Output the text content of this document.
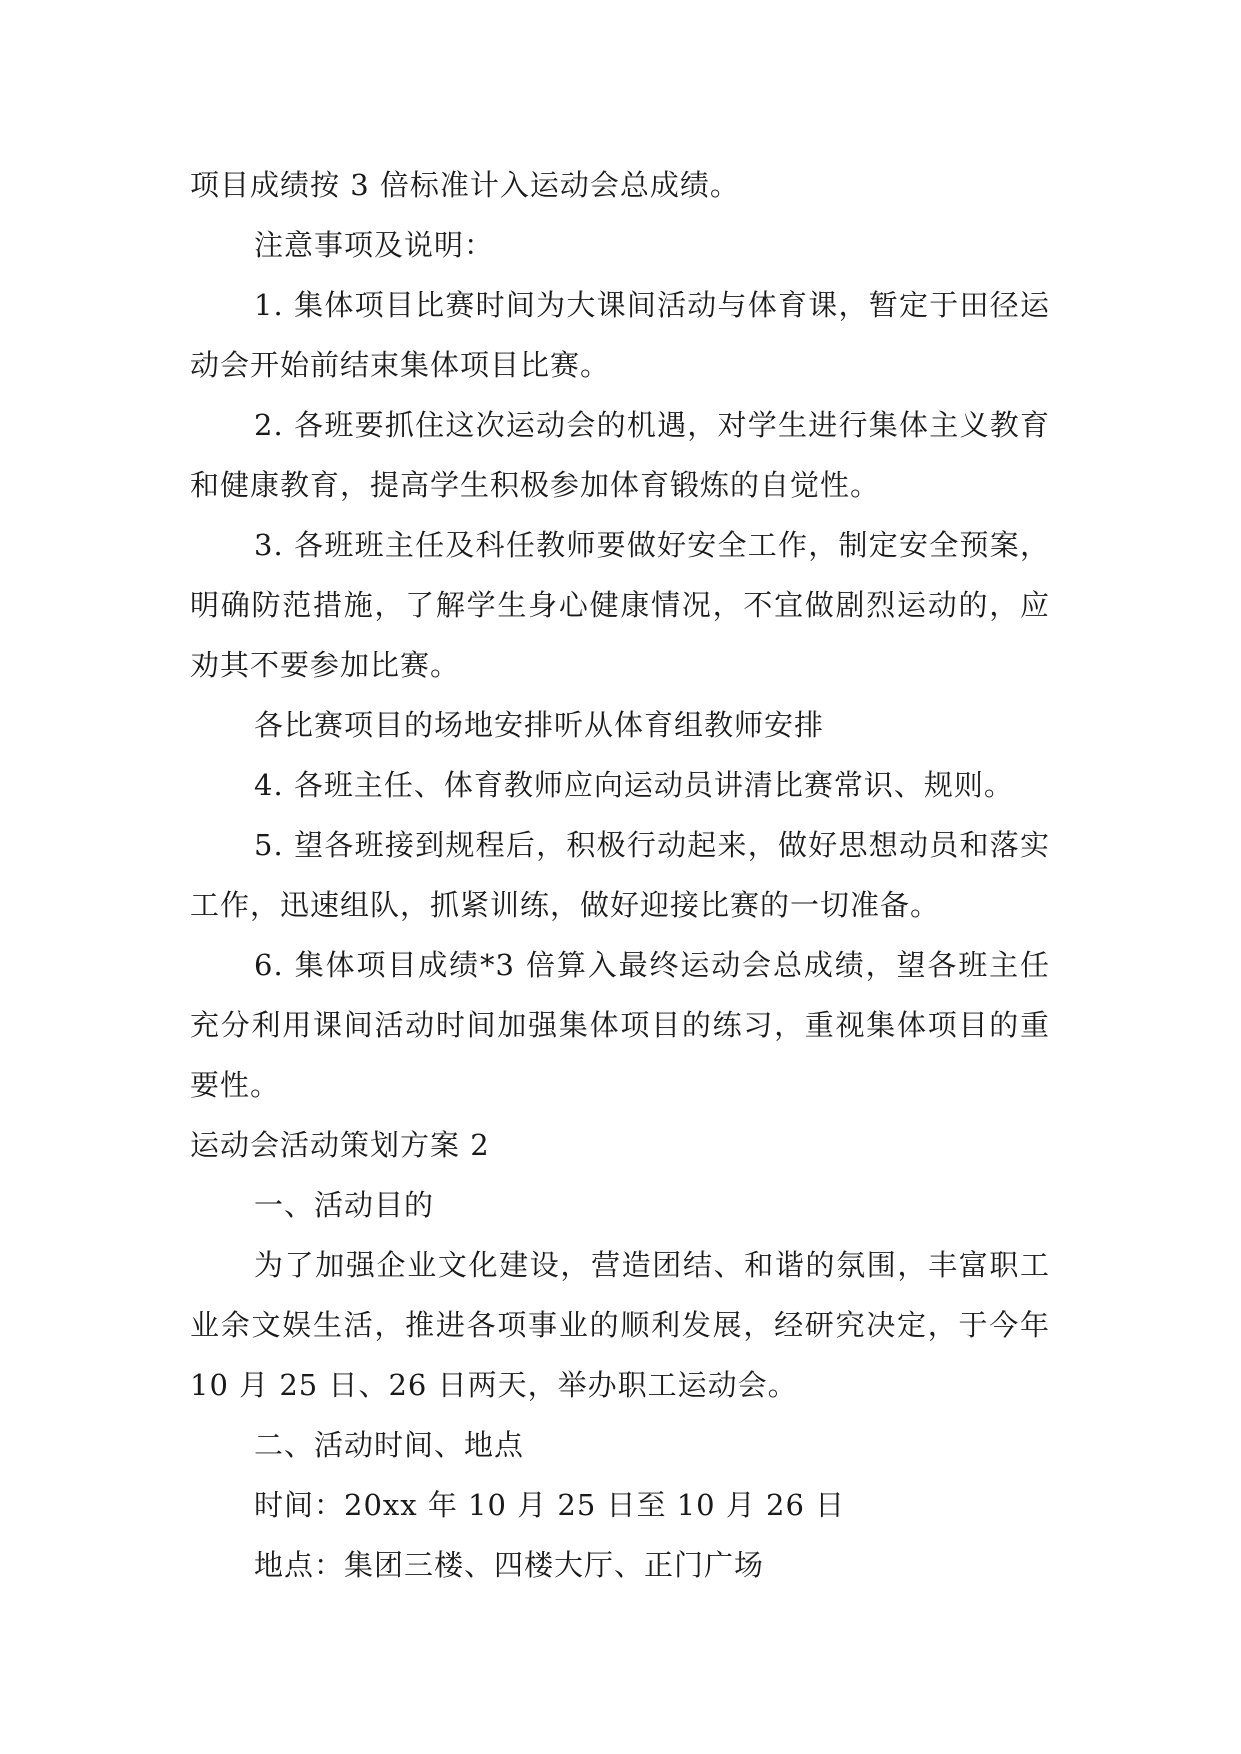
项目成绩按 3 倍标准计入运动会总成绩。

注意事项及说明：

1. 集体项目比赛时间为大课间活动与体育课，暂定于田径运动会开始前结束集体项目比赛。

2. 各班要抓住这次运动会的机遇，对学生进行集体主义教育和健康教育，提高学生积极参加体育锻炼的自觉性。

3. 各班班主任及科任教师要做好安全工作，制定安全预案，明确防范措施，了解学生身心健康情况，不宜做剧烈运动的，应劝其不要参加比赛。

各比赛项目的场地安排听从体育组教师安排

4. 各班主任、体育教师应向运动员讲清比赛常识、规则。

5. 望各班接到规程后，积极行动起来，做好思想动员和落实工作，迅速组队，抓紧训练，做好迎接比赛的一切准备。

6. 集体项目成绩*3 倍算入最终运动会总成绩，望各班主任充分利用课间活动时间加强集体项目的练习，重视集体项目的重要性。

运动会活动策划方案 2

一、活动目的

为了加强企业文化建设，营造团结、和谐的氛围，丰富职工业余文娱生活，推进各项事业的顺利发展，经研究决定，于今年 10 月 25 日、26 日两天，举办职工运动会。

二、活动时间、地点

时间：20xx 年 10 月 25 日至 10 月 26 日

地点：集团三楼、四楼大厅、正门广场
